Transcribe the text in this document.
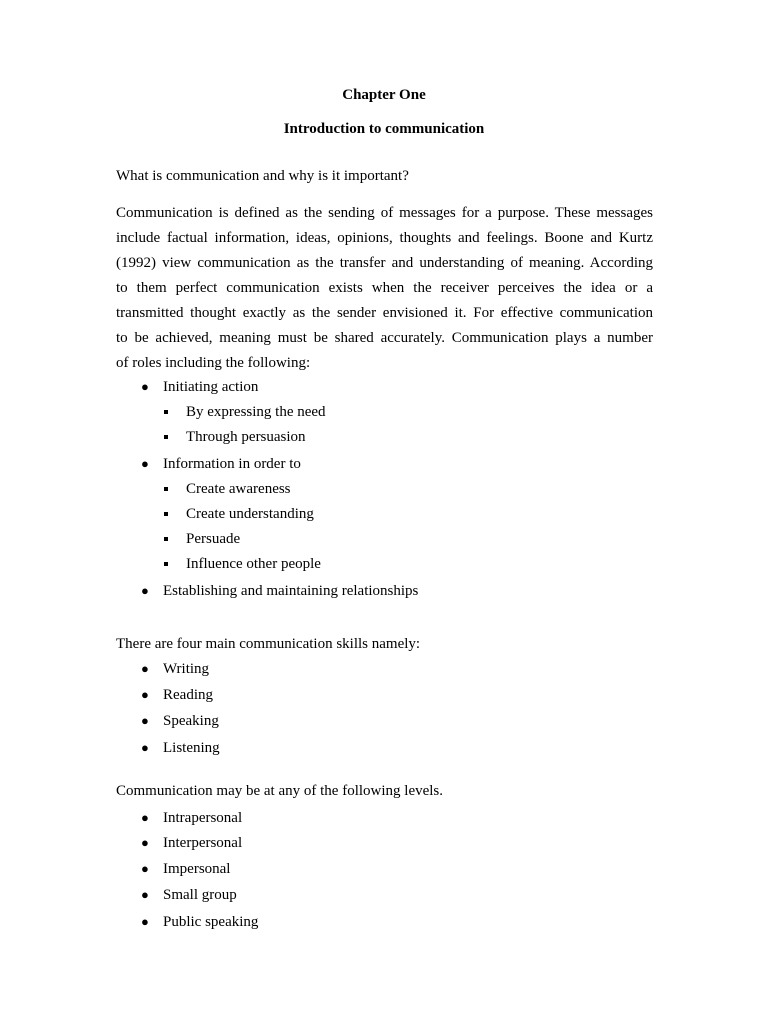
Chapter One
Introduction to communication
What is communication and why is it important?
Communication is defined as the sending of messages for a purpose. These messages
include factual information, ideas, opinions, thoughts and feelings. Boone and Kurtz
(1992) view communication as the transfer and understanding of meaning. According
to them perfect communication exists when the receiver perceives the idea or a
transmitted thought exactly as the sender envisioned it. For effective communication
to be achieved, meaning must be shared accurately. Communication plays a number
of roles including the following:
● Initiating action
By expressing the need
Through persuasion
● Information in order to
Create awareness
Create understanding
Persuade
Influence other people
● Establishing and maintaining relationships
There are four main communication skills namely:
● Writing
● Reading
● Speaking
● Listening
Communication may be at any of the following levels.
● Intrapersonal
● Interpersonal
● Impersonal
● Small group
● Public speaking
